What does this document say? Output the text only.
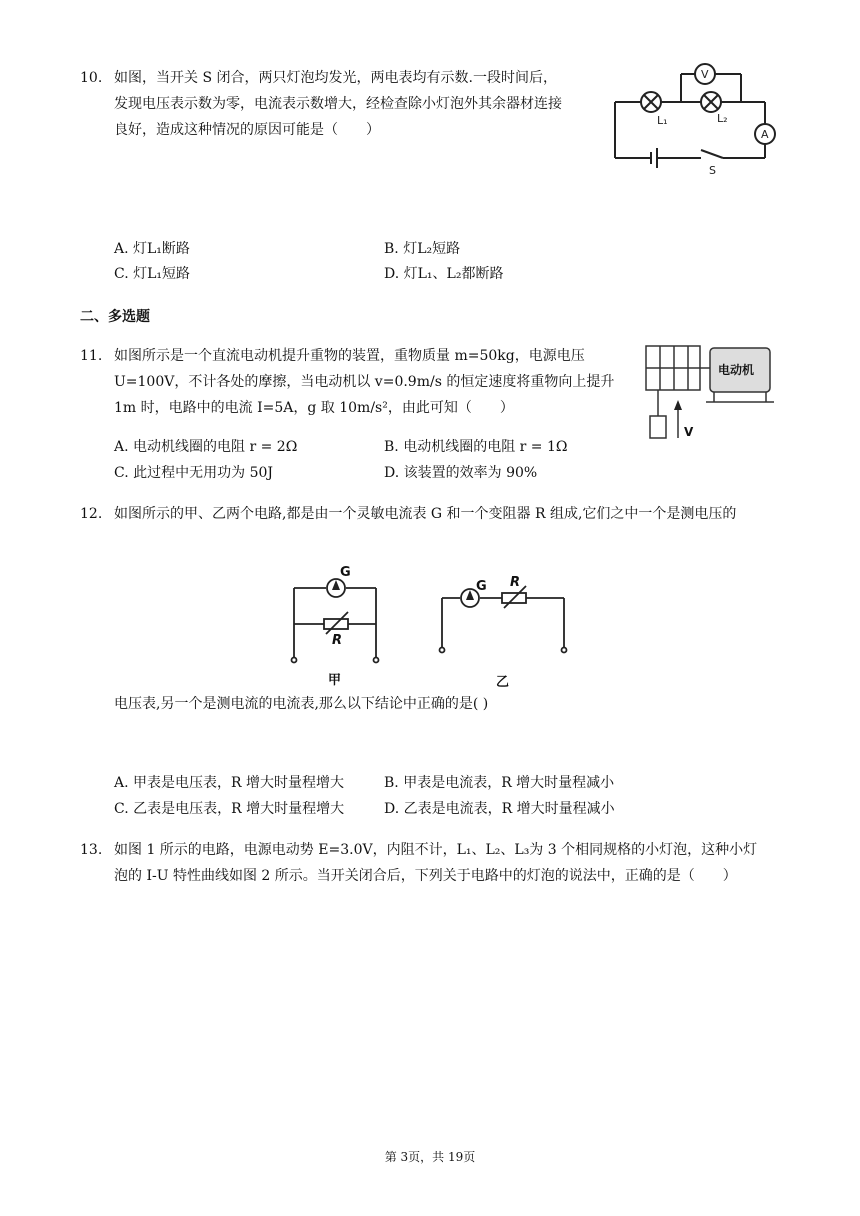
10. 如图，当开关 S 闭合，两只灯泡均发光，两电表均有示数.一段时间后，
发现电压表示数为零，电流表示数增大，经检查除小灯泡外其余器材连接
良好，造成这种情况的原因可能是（　　）
V
A
L₁	L₂
S
A. 灯L₁断路	B. 灯L₂短路
C. 灯L₁短路	D. 灯L₁、L₂都断路
二、多选题
11. 如图所示是一个直流电动机提升重物的装置，重物质量 m=50kg，电源电压
U=100V，不计各处的摩擦，当电动机以 v=0.9m/s 的恒定速度将重物向上提升
1m 时，电路中的电流 I=5A，g 取 10m/s²，由此可知（　　）
电动机
V
A. 电动机线圈的电阻 r = 2Ω	B. 电动机线圈的电阻 r = 1Ω
C. 此过程中无用功为 50J	D. 该装置的效率为 90%
12. 如图所示的甲、乙两个电路,都是由一个灵敏电流表 G 和一个变阻器 R 组成,它们之中一个是测电压的
G
R
甲
G R
乙
电压表,另一个是测电流的电流表,那么以下结论中正确的是( )
A. 甲表是电压表，R 增大时量程增大	B. 甲表是电流表，R 增大时量程减小
C. 乙表是电压表，R 增大时量程增大	D. 乙表是电流表，R 增大时量程减小
13. 如图 1 所示的电路，电源电动势 E=3.0V，内阻不计，L₁、L₂、L₃为 3 个相同规格的小灯泡，这种小灯
泡的 I-U 特性曲线如图 2 所示。当开关闭合后，下列关于电路中的灯泡的说法中，正确的是（　　）
第 3页，共 19页
